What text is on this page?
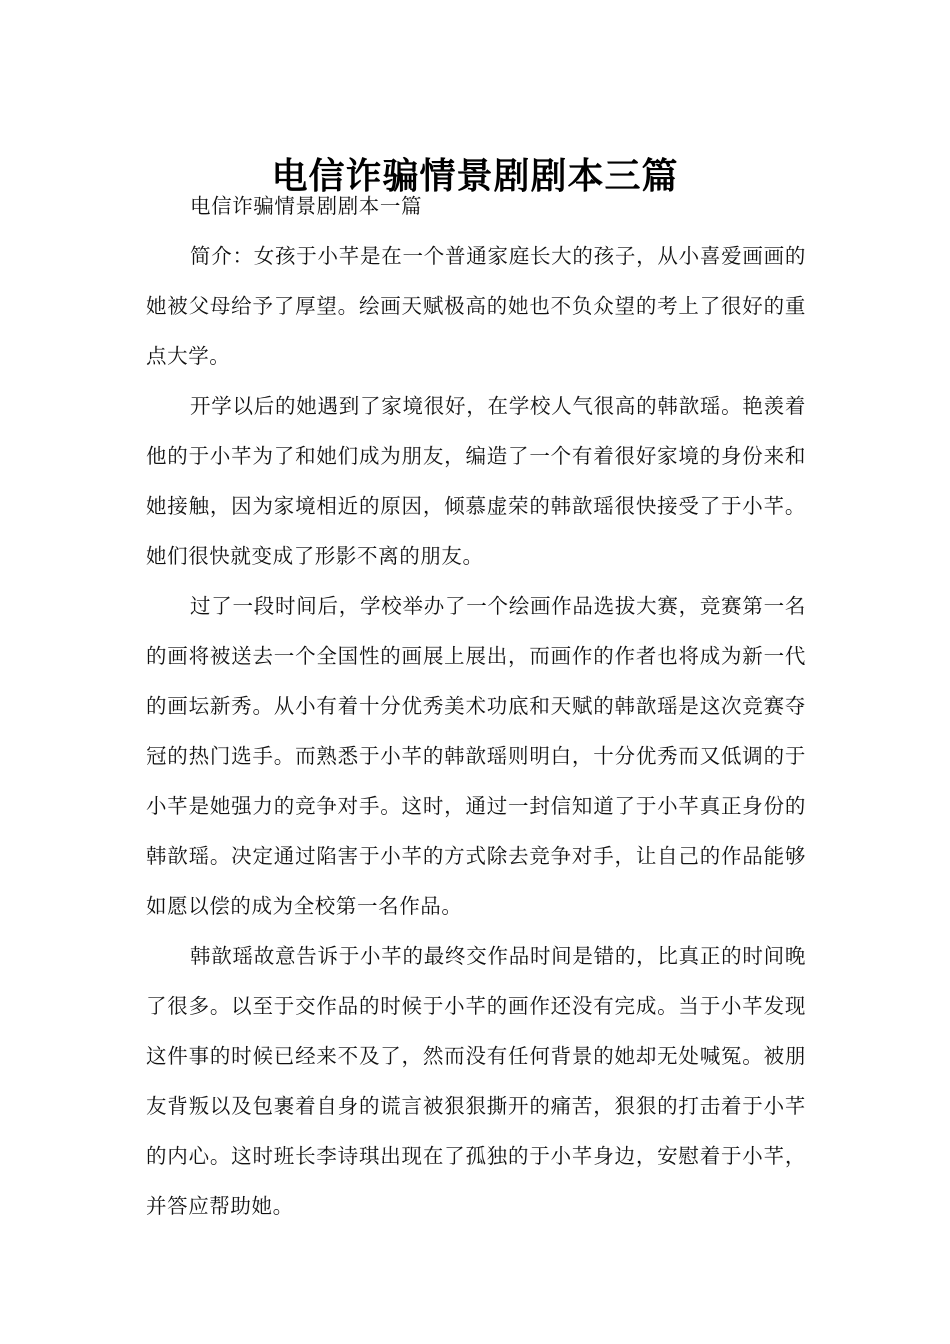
电信诈骗情景剧剧本三篇

电信诈骗情景剧剧本一篇

简介：女孩于小芊是在一个普通家庭长大的孩子，从小喜爱画画的她被父母给予了厚望。绘画天赋极高的她也不负众望的考上了很好的重点大学。

开学以后的她遇到了家境很好，在学校人气很高的韩歆瑶。艳羡着他的于小芊为了和她们成为朋友，编造了一个有着很好家境的身份来和她接触，因为家境相近的原因，倾慕虚荣的韩歆瑶很快接受了于小芊。她们很快就变成了形影不离的朋友。

过了一段时间后，学校举办了一个绘画作品选拔大赛，竞赛第一名的画将被送去一个全国性的画展上展出，而画作的作者也将成为新一代的画坛新秀。从小有着十分优秀美术功底和天赋的韩歆瑶是这次竞赛夺冠的热门选手。而熟悉于小芊的韩歆瑶则明白，十分优秀而又低调的于小芊是她强力的竞争对手。这时，通过一封信知道了于小芊真正身份的韩歆瑶。决定通过陷害于小芊的方式除去竞争对手，让自己的作品能够如愿以偿的成为全校第一名作品。

韩歆瑶故意告诉于小芊的最终交作品时间是错的，比真正的时间晚了很多。以至于交作品的时候于小芊的画作还没有完成。当于小芊发现这件事的时候已经来不及了，然而没有任何背景的她却无处喊冤。被朋友背叛以及包裹着自身的谎言被狠狠撕开的痛苦，狠狠的打击着于小芊的内心。这时班长李诗琪出现在了孤独的于小芊身边，安慰着于小芊，并答应帮助她。
